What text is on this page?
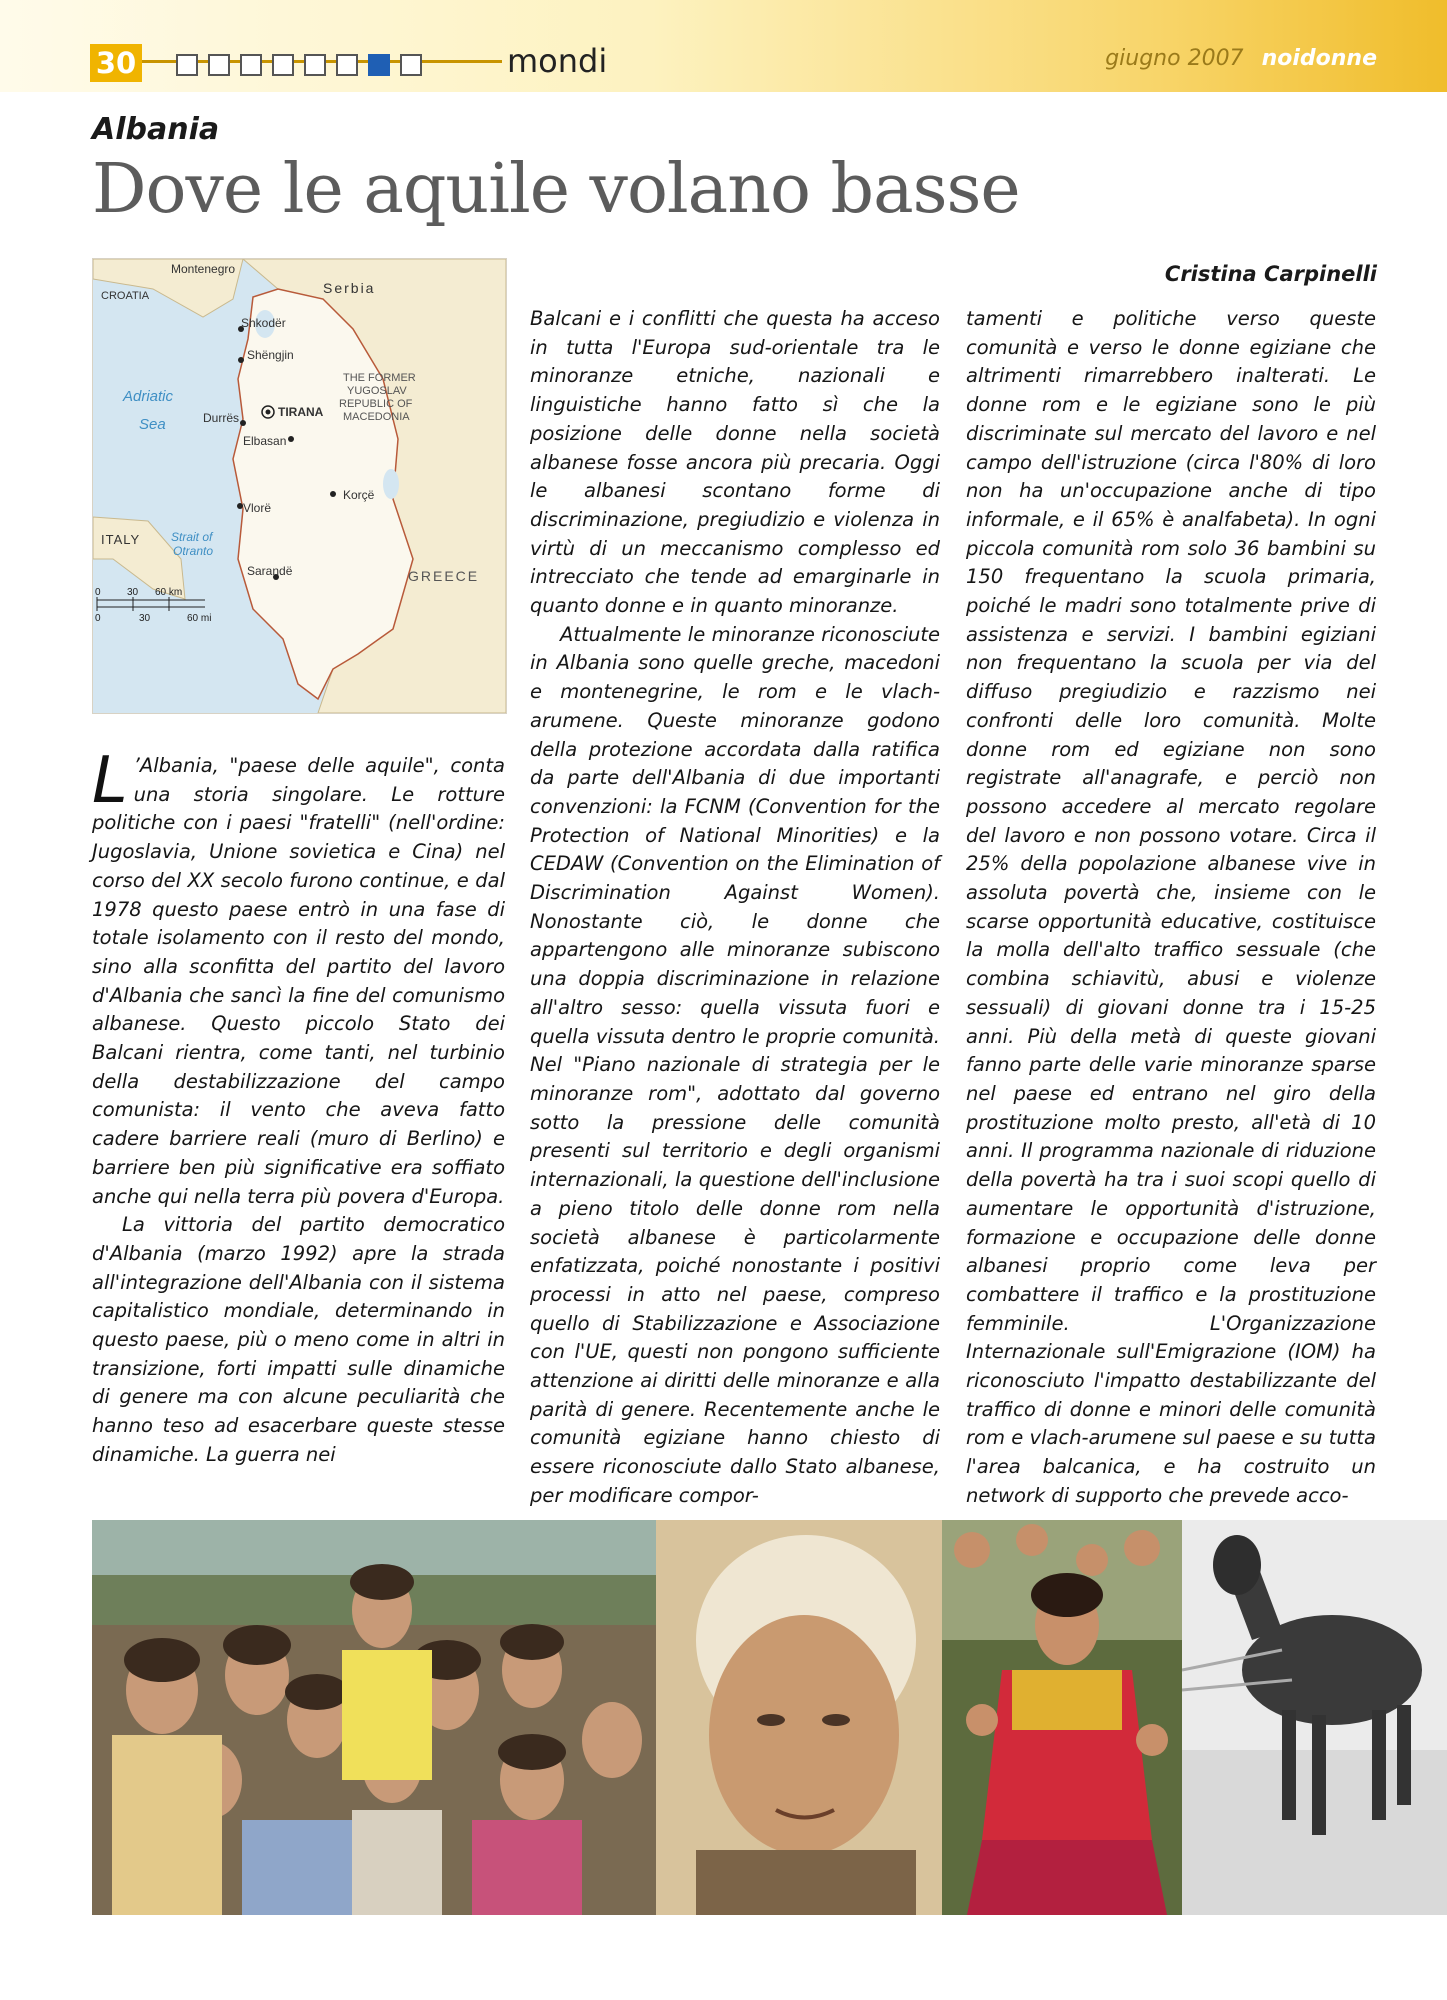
30	mondi	giugno 2007 noidonne
Albania
Dove le aquile volano basse
Cristina Carpinelli
Montenegro
Serbia
CROATIA
Shkodër
Shëngjin
THE FORMER
YUGOSLAV
REPUBLIC OF
MACEDONIA
Durrës	TIRANA
Elbasan
Korçë
Vlorë
ITALY
Sarandë	GREECE
Adriatic
Sea
Strait of
Otranto
0	30 60 km
0	30	60 mi

L ’Albania, "paese delle aquile", conta una storia singolare. Le rotture politiche con i paesi "fratelli" (nell'ordine: Jugoslavia, Unione sovietica e Cina) nel corso del XX secolo furono continue, e dal 1978 questo paese entrò in una fase di totale isolamento con il resto del mondo, sino alla sconfitta del partito del lavoro d'Albania che sancì la fine del comunismo albanese. Questo piccolo Stato dei Balcani rientra, come tanti, nel turbinio della destabilizzazione del campo comunista: il vento che aveva fatto cadere barriere reali (muro di Berlino) e barriere ben più significative era soffiato anche qui nella terra più povera d'Europa.

La vittoria del partito democratico d'Albania (marzo 1992) apre la strada all'integrazione dell'Albania con il sistema capitalistico mondiale, determinando in questo paese, più o meno come in altri in transizione, forti impatti sulle dinamiche di genere ma con alcune peculiarità che hanno teso ad esacerbare queste stesse dinamiche. La guerra nei

Balcani e i conflitti che questa ha acceso in tutta l'Europa sud-orientale tra le minoranze etniche, nazionali e linguistiche hanno fatto sì che la posizione delle donne nella società albanese fosse ancora più precaria. Oggi le albanesi scontano forme di discriminazione, pregiudizio e violenza in virtù di un meccanismo complesso ed intrecciato che tende ad emarginarle in quanto donne e in quanto minoranze.

Attualmente le minoranze riconosciute in Albania sono quelle greche, macedoni e montenegrine, le rom e le vlach-arumene. Queste minoranze godono della protezione accordata dalla ratifica da parte dell'Albania di due importanti convenzioni: la FCNM (Convention for the Protection of National Minorities) e la CEDAW (Convention on the Elimination of Discrimination Against Women). Nonostante ciò, le donne che appartengono alle minoranze subiscono una doppia discriminazione in relazione all'altro sesso: quella vissuta fuori e quella vissuta dentro le proprie comunità. Nel "Piano nazionale di strategia per le minoranze rom", adottato dal governo sotto la pressione delle comunità presenti sul territorio e degli organismi internazionali, la questione dell'inclusione a pieno titolo delle donne rom nella società albanese è particolarmente enfatizzata, poiché nonostante i positivi processi in atto nel paese, compreso quello di Stabilizzazione e Associazione con l'UE, questi non pongono sufficiente attenzione ai diritti delle minoranze e alla parità di genere. Recentemente anche le comunità egiziane hanno chiesto di essere riconosciute dallo Stato albanese, per modificare compor-

tamenti e politiche verso queste comunità e verso le donne egiziane che altrimenti rimarrebbero inalterati. Le donne rom e le egiziane sono le più discriminate sul mercato del lavoro e nel campo dell'istruzione (circa l'80% di loro non ha un'occupazione anche di tipo informale, e il 65% è analfabeta). In ogni piccola comunità rom solo 36 bambini su 150 frequentano la scuola primaria, poiché le madri sono totalmente prive di assistenza e servizi. I bambini egiziani non frequentano la scuola per via del diffuso pregiudizio e razzismo nei confronti delle loro comunità. Molte donne rom ed egiziane non sono registrate all'anagrafe, e perciò non possono accedere al mercato regolare del lavoro e non possono votare. Circa il 25% della popolazione albanese vive in assoluta povertà che, insieme con le scarse opportunità educative, costituisce la molla dell'alto traffico sessuale (che combina schiavitù, abusi e violenze sessuali) di giovani donne tra i 15-25 anni. Più della metà di queste giovani fanno parte delle varie minoranze sparse nel paese ed entrano nel giro della prostituzione molto presto, all'età di 10 anni. Il programma nazionale di riduzione della povertà ha tra i suoi scopi quello di aumentare le opportunità d'istruzione, formazione e occupazione delle donne albanesi proprio come leva per combattere il traffico e la prostituzione femminile. L'Organizzazione Internazionale sull'Emigrazione (IOM) ha riconosciuto l'impatto destabilizzante del traffico di donne e minori delle comunità rom e vlach-arumene sul paese e su tutta l'area balcanica, e ha costruito un network di supporto che prevede acco-
